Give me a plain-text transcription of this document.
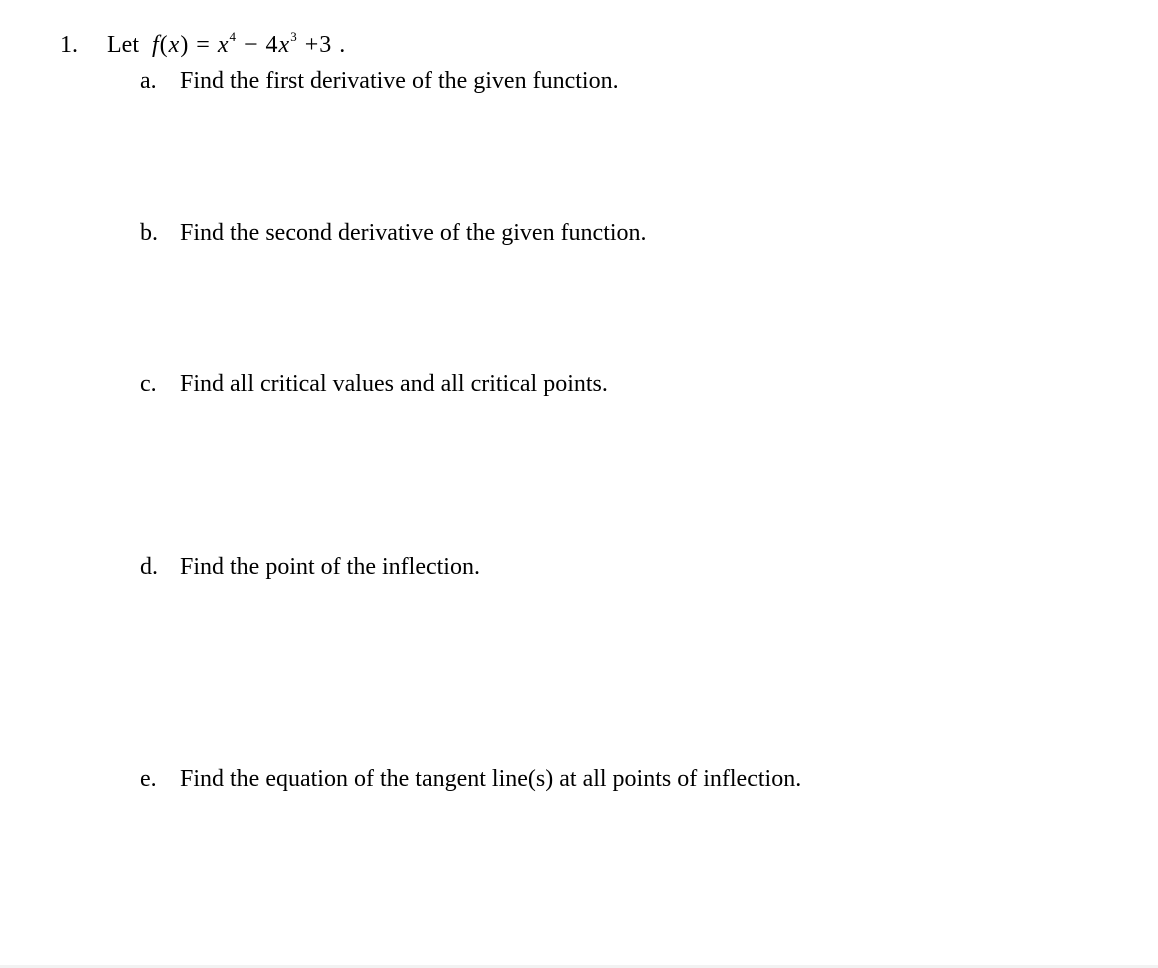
1. Let $f(x) = x^4 - 4x^3 +3$ .
a. Find the first derivative of the given function.
b. Find the second derivative of the given function.
c. Find all critical values and all critical points.
d. Find the point of the inflection.
e. Find the equation of the tangent line(s) at all points of inflection.
